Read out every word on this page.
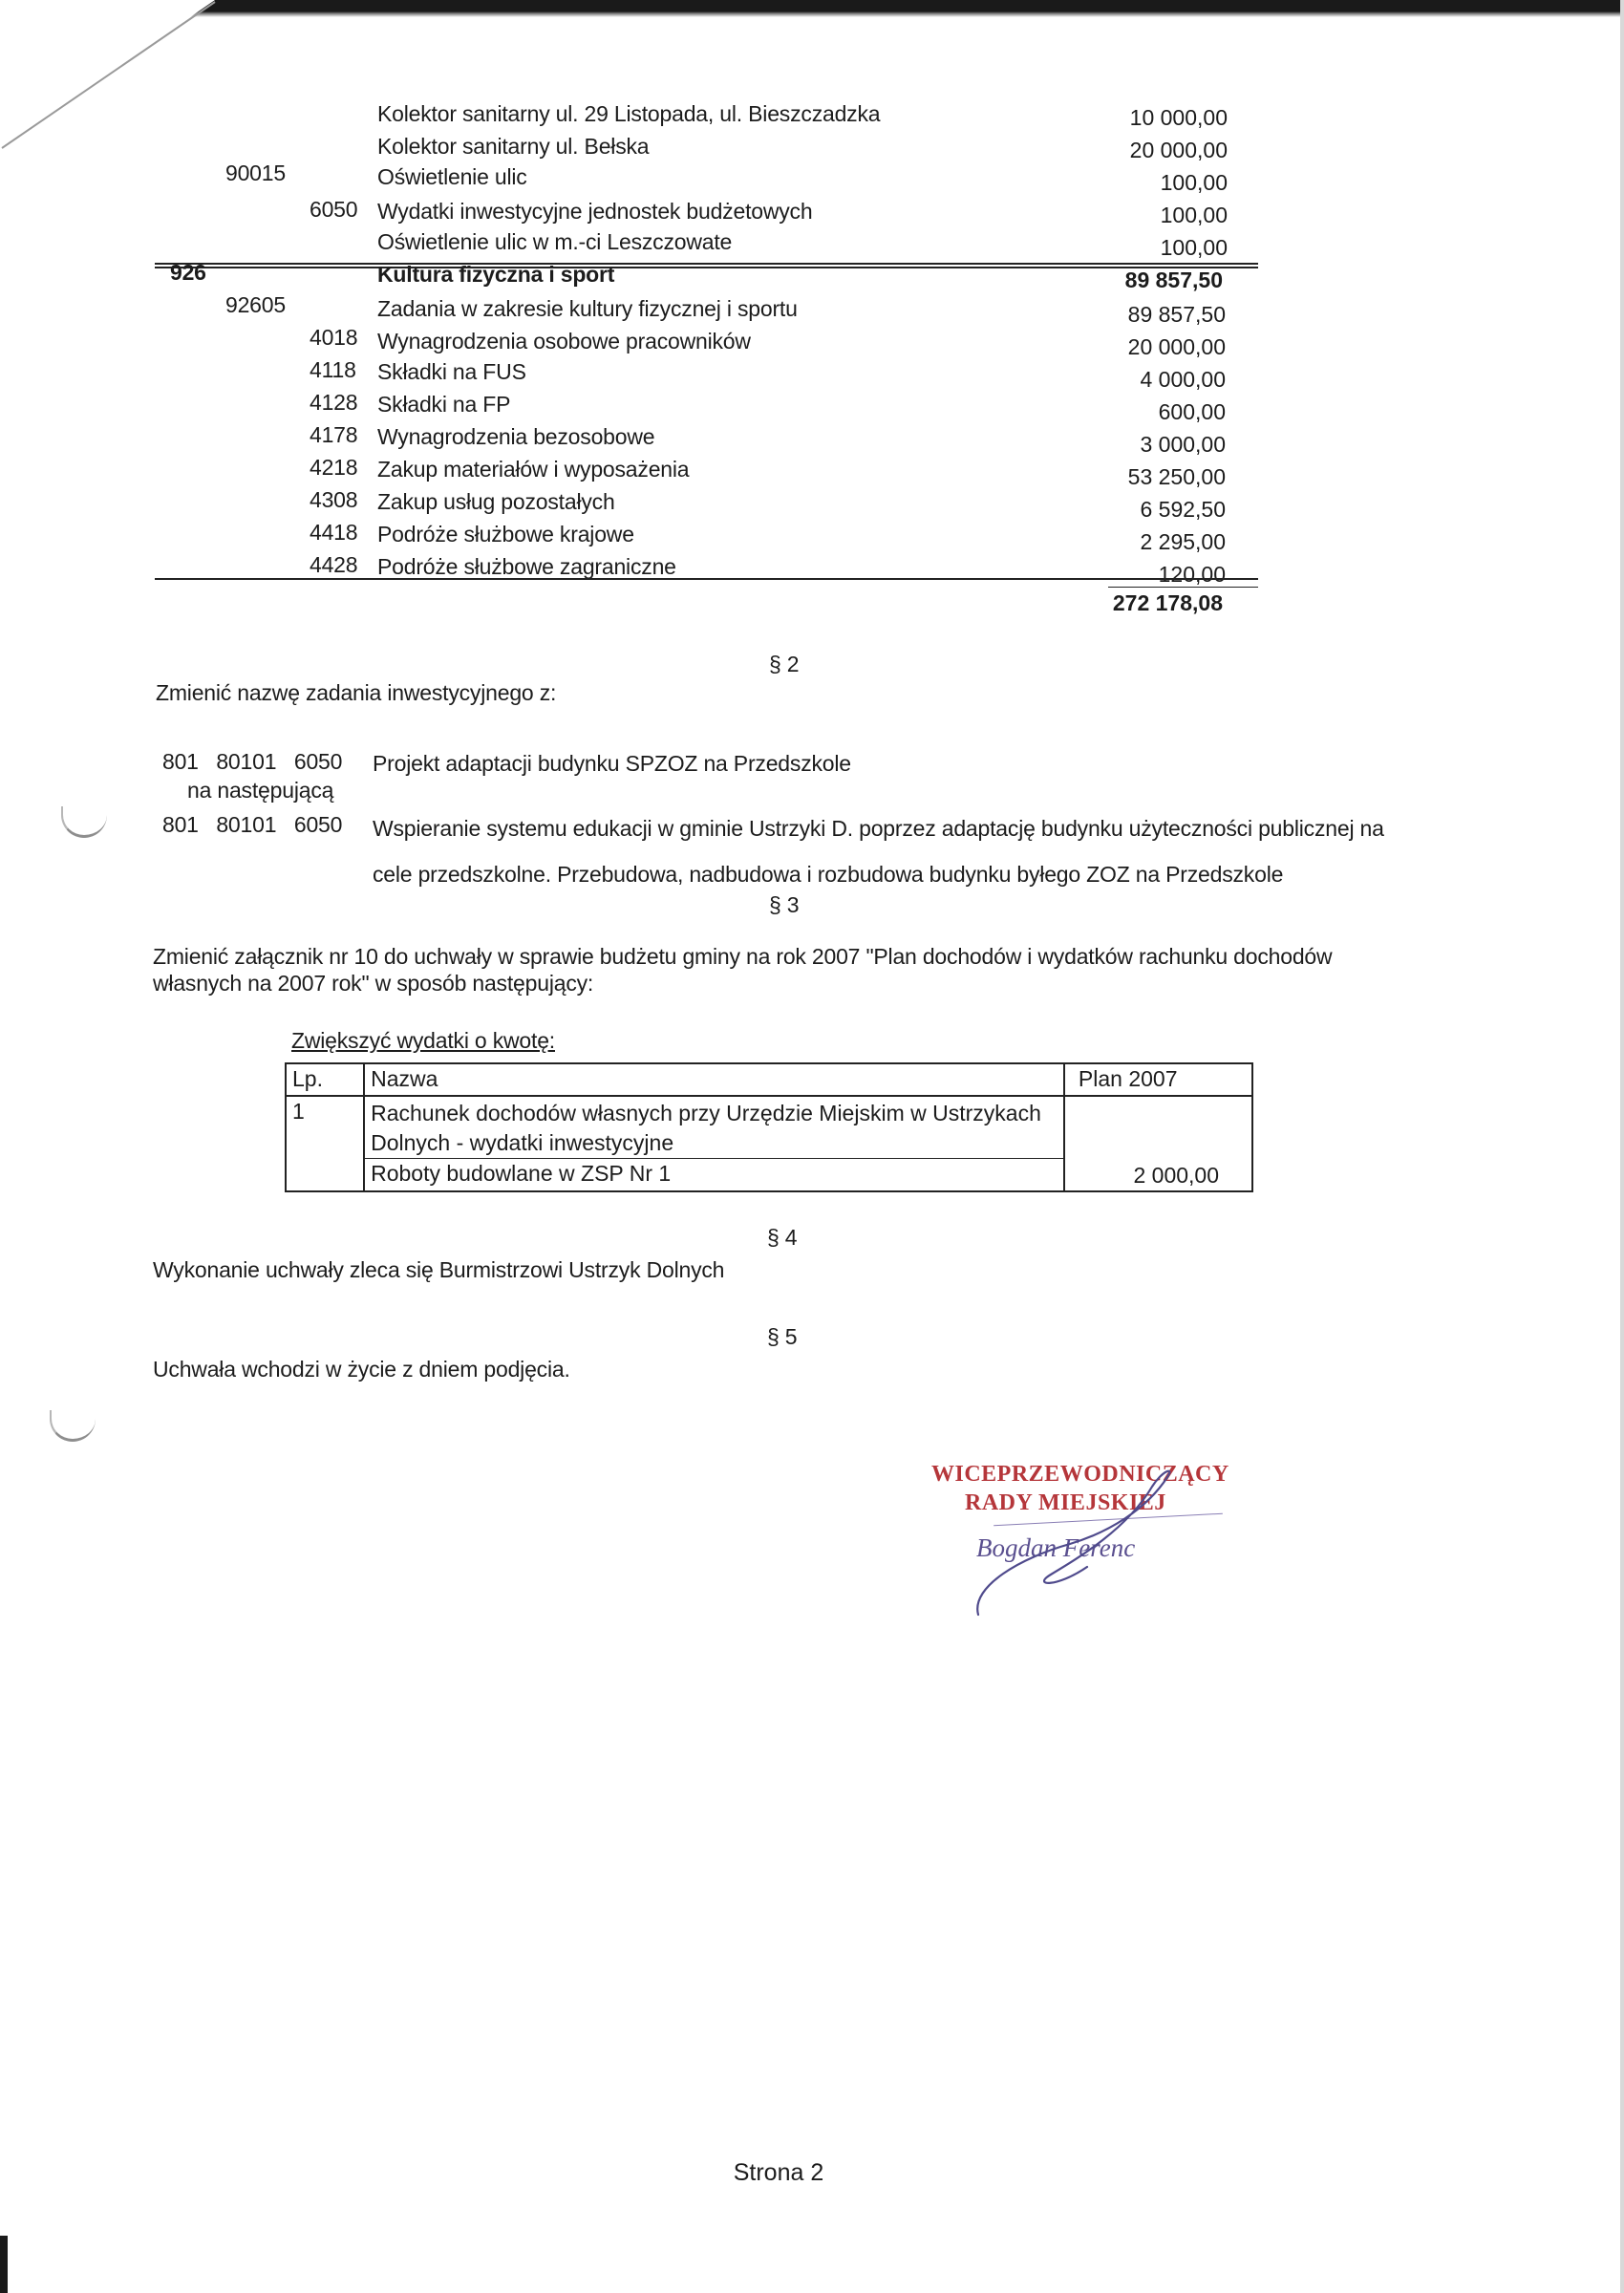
Kolektor sanitarny ul. 29 Listopada, ul. Bieszczadzka	10 000,00
Kolektor sanitarny ul. Bełska	20 000,00
90015	Oświetlenie ulic	100,00
6050 Wydatki inwestycyjne jednostek budżetowych	100,00
Oświetlenie ulic w m.-ci Leszczowate	100,00
926	Kultura fizyczna i sport	89 857,50
92605	Zadania w zakresie kultury fizycznej i sportu	89 857,50
4018 Wynagrodzenia osobowe pracowników	20 000,00
4118 Składki na FUS	4 000,00
4128 Składki na FP	600,00
4178 Wynagrodzenia bezosobowe	3 000,00
4218 Zakup materiałów i wyposażenia	53 250,00
4308 Zakup usług pozostałych	6 592,50
4418 Podróże służbowe krajowe	2 295,00
4428 Podróże służbowe zagraniczne	120,00
272 178,08
§ 2
Zmienić nazwę zadania inwestycyjnego z:
801   80101   6050 Projekt adaptacji budynku SPZOZ na Przedszkole
na następującą
801   80101   6050 Wspieranie systemu edukacji w gminie Ustrzyki D. poprzez adaptację budynku użyteczności publicznej na
cele przedszkolne. Przebudowa, nadbudowa i rozbudowa budynku byłego ZOZ na Przedszkole
§ 3
Zmienić załącznik nr 10 do uchwały w sprawie budżetu gminy na rok 2007 "Plan dochodów i wydatków rachunku dochodów
własnych na 2007 rok" w sposób następujący:
Zwiększyć wydatki o kwotę:
Lp.	Nazwa	Plan 2007
1	Rachunek dochodów własnych przy Urzędzie Miejskim w Ustrzykach
Dolnych - wydatki inwestycyjne
Roboty budowlane w ZSP Nr 1	2 000,00
§ 4
Wykonanie uchwały zleca się Burmistrzowi Ustrzyk Dolnych
§ 5
Uchwała wchodzi w życie z dniem podjęcia.
WICEPRZEWODNICZĄCY
RADY MIEJSKIEJ
Bogdan Ferenc
Strona 2
